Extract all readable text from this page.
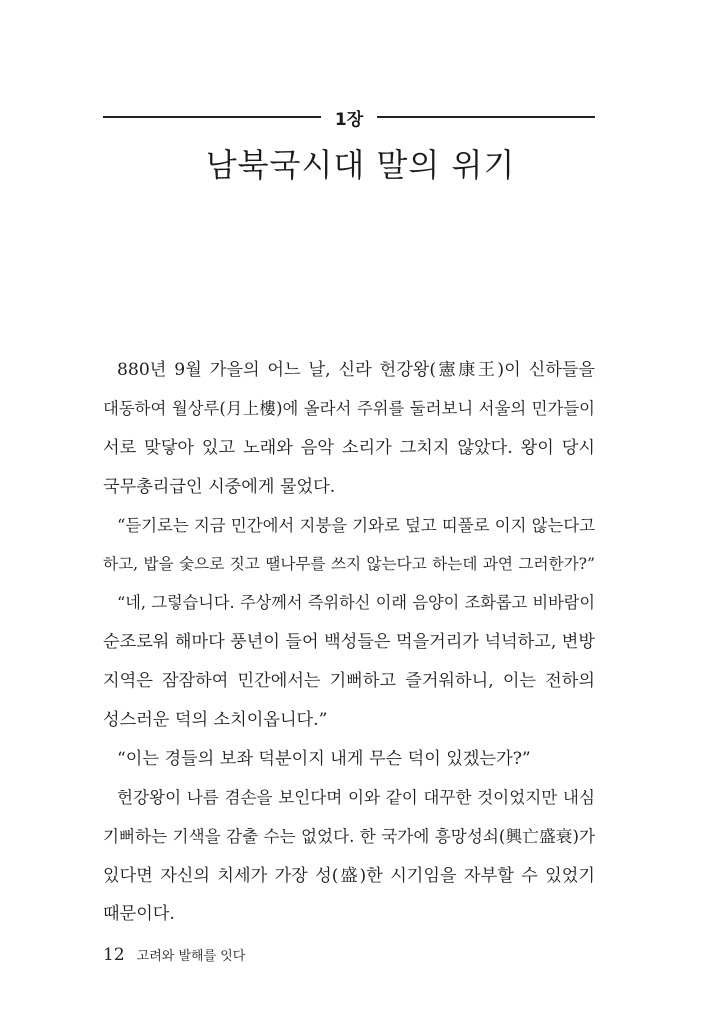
1장
남북국시대 말의 위기
880년 9월 가을의 어느 날, 신라 헌강왕(憲康王)이 신하들을
대동하여 월상루(月上樓)에 올라서 주위를 둘러보니 서울의 민가들이
서로 맞닿아 있고 노래와 음악 소리가 그치지 않았다. 왕이 당시
국무총리급인 시중에게 물었다.
“듣기로는 지금 민간에서 지붕을 기와로 덮고 띠풀로 이지 않는다고
하고, 밥을 숯으로 짓고 땔나무를 쓰지 않는다고 하는데 과연 그러한가?”
“네, 그렇습니다. 주상께서 즉위하신 이래 음양이 조화롭고 비바람이
순조로워 해마다 풍년이 들어 백성들은 먹을거리가 넉넉하고, 변방
지역은 잠잠하여 민간에서는 기뻐하고 즐거워하니, 이는 전하의
성스러운 덕의 소치이옵니다.”
“이는 경들의 보좌 덕분이지 내게 무슨 덕이 있겠는가?”
헌강왕이 나름 겸손을 보인다며 이와 같이 대꾸한 것이었지만 내심
기뻐하는 기색을 감출 수는 없었다. 한 국가에 흥망성쇠(興亡盛衰)가
있다면 자신의 치세가 가장 성(盛)한 시기임을 자부할 수 있었기
때문이다.
12 고려와 발해를 잇다
